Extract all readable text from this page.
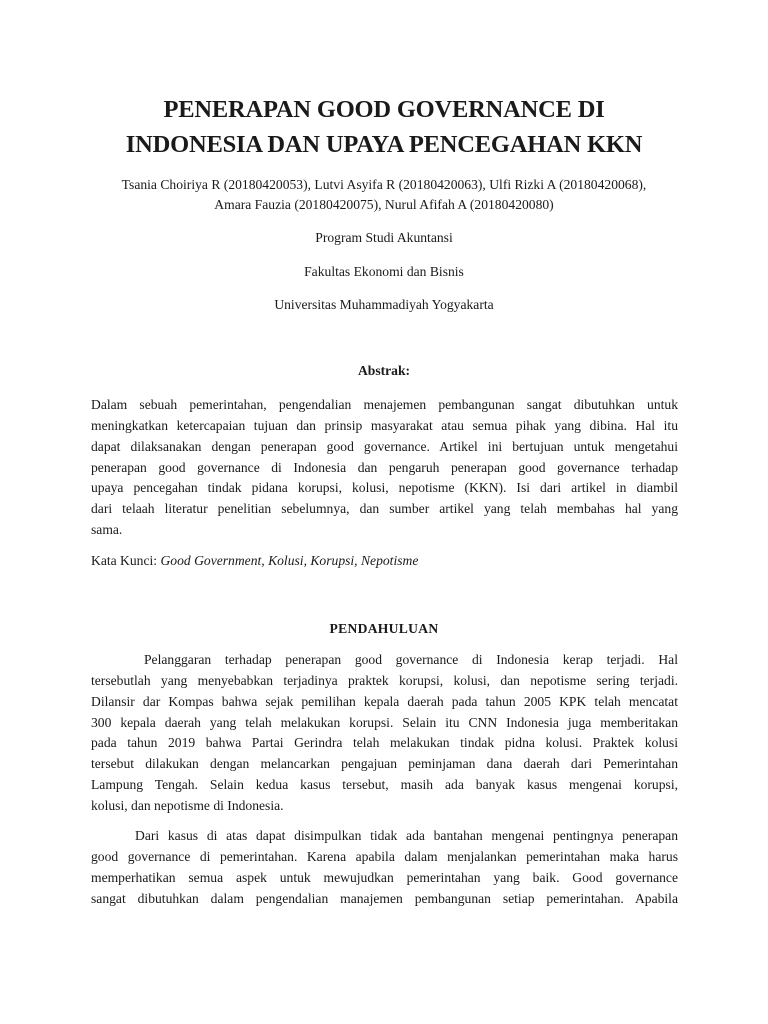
PENERAPAN GOOD GOVERNANCE DI
INDONESIA DAN UPAYA PENCEGAHAN KKN

Tsania Choiriya R (20180420053), Lutvi Asyifa R (20180420063), Ulfi Rizki A (20180420068),
Amara Fauzia (20180420075), Nurul Afifah A (20180420080)

Program Studi Akuntansi

Fakultas Ekonomi dan Bisnis

Universitas Muhammadiyah Yogyakarta

Abstrak:
Dalam sebuah pemerintahan, pengendalian menajemen pembangunan sangat dibutuhkan untuk
meningkatkan ketercapaian tujuan dan prinsip masyarakat atau semua pihak yang dibina. Hal itu
dapat dilaksanakan dengan penerapan good governance. Artikel ini bertujuan untuk mengetahui
penerapan good governance di Indonesia dan pengaruh penerapan good governance terhadap
upaya pencegahan tindak pidana korupsi, kolusi, nepotisme (KKN). Isi dari artikel in diambil
dari telaah literatur penelitian sebelumnya, dan sumber artikel yang telah membahas hal yang
sama.

Kata Kunci: Good Government, Kolusi, Korupsi, Nepotisme

PENDAHULUAN
Pelanggaran terhadap penerapan good governance di Indonesia kerap terjadi. Hal
tersebutlah yang menyebabkan terjadinya praktek korupsi, kolusi, dan nepotisme sering terjadi.
Dilansir dar Kompas bahwa sejak pemilihan kepala daerah pada tahun 2005 KPK telah mencatat
300 kepala daerah yang telah melakukan korupsi. Selain itu CNN Indonesia juga memberitakan
pada tahun 2019 bahwa Partai Gerindra telah melakukan tindak pidna kolusi. Praktek kolusi
tersebut dilakukan dengan melancarkan pengajuan peminjaman dana daerah dari Pemerintahan
Lampung Tengah. Selain kedua kasus tersebut, masih ada banyak kasus mengenai korupsi,
kolusi, dan nepotisme di Indonesia.
Dari kasus di atas dapat disimpulkan tidak ada bantahan mengenai pentingnya penerapan
good governance di pemerintahan. Karena apabila dalam menjalankan pemerintahan maka harus
memperhatikan semua aspek untuk mewujudkan pemerintahan yang baik. Good governance
sangat dibutuhkan dalam pengendalian manajemen pembangunan setiap pemerintahan. Apabila
